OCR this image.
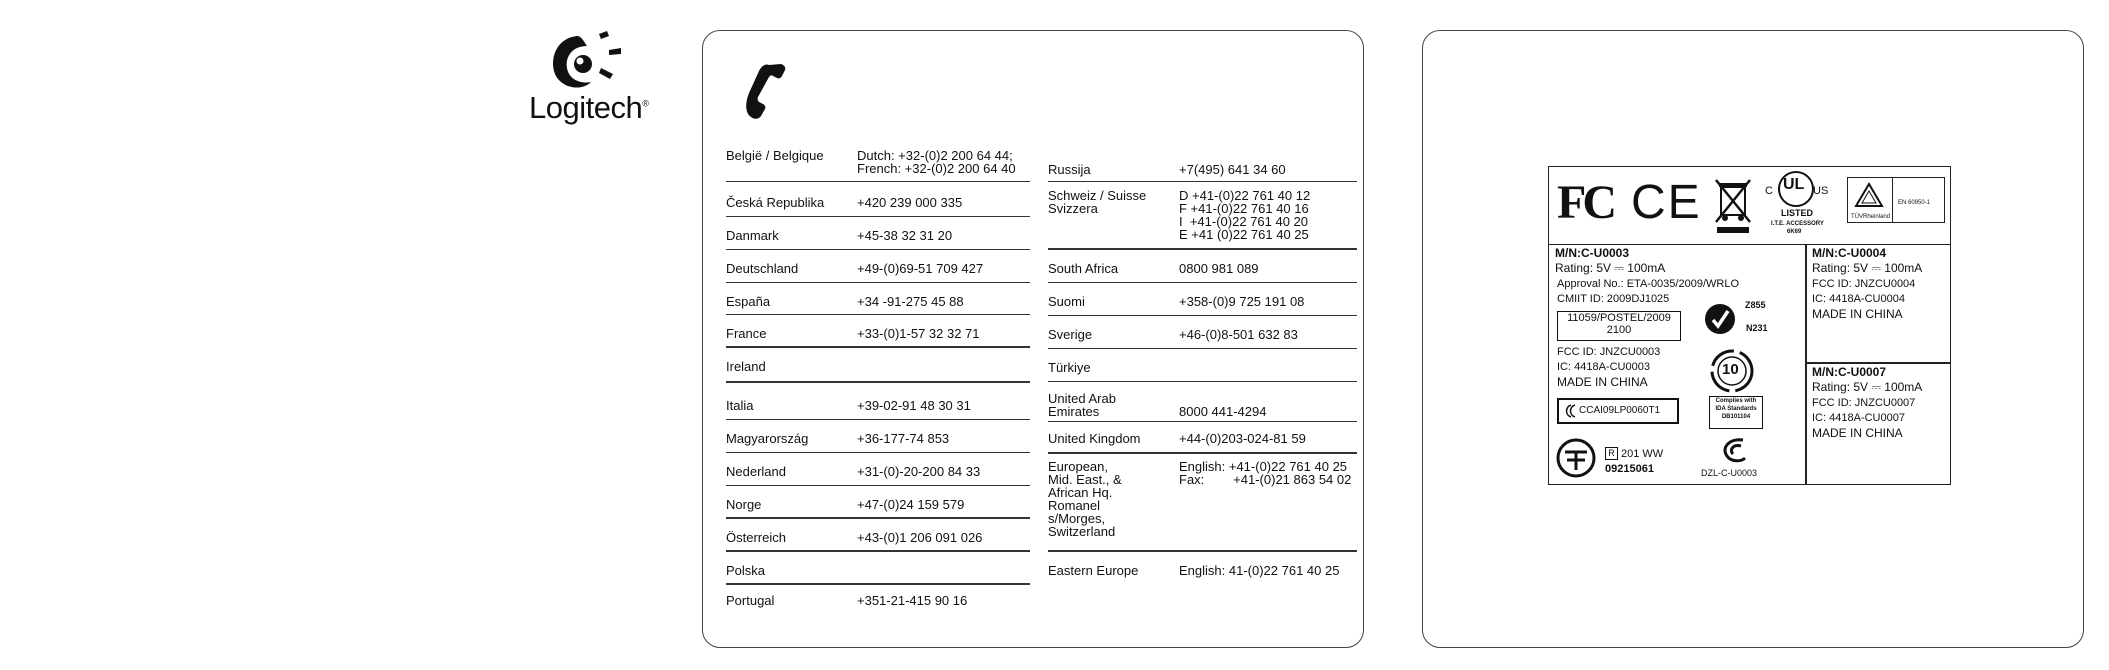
Logitech®
België / Belgique	Dutch: +32-(0)2 200 64 44;
French: +32-(0)2 200 64 40
Česká Republika	+420 239 000 335
Danmark	+45-38 32 31 20
Deutschland	+49-(0)69-51 709 427
España	+34 -91-275 45 88
France	+33-(0)1-57 32 32 71
Ireland
Italia	+39-02-91 48 30 31
Magyarország	+36-177-74 853
Nederland	+31-(0)-20-200 84 33
Norge	+47-(0)24 159 579
Österreich	+43-(0)1 206 091 026
Polska
Portugal	+351-21-415 90 16
Russija	+7(495) 641 34 60
Schweiz / Suisse
Svizzera
D +41-(0)22 761 40 12
F +41-(0)22 761 40 16
I  +41-(0)22 761 40 20
E +41 (0)22 761 40 25
South Africa	0800 981 089
Suomi	+358-(0)9 725 191 08
Sverige	+46-(0)8-501 632 83
Türkiye
United Arab
Emirates	
8000 441-4294
United Kingdom	+44-(0)203-024-81 59
European,
Mid. East., &
African Hq.
Romanel
s/Morges,
Switzerland
English: +41-(0)22 761 40 25
Fax:        +41-(0)21 863 54 02
Eastern Europe	English: 41-(0)22 761 40 25
FC CE	UL
C	US
LISTED
I.T.E. ACCESSORY
6K69
TÜVRheinland
EN 60950-1
M/N:C-U0003
Rating: 5V ⎓ 100mA
Approval No.: ETA-0035/2009/WRLO
CMIIT ID: 2009DJ1025
11059/POSTEL/2009
2100
FCC ID: JNZCU0003
IC: 4418A-CU0003
MADE IN CHINA
CCAI09LP0060T1
Z855
N231
10
Complies with
IDA Standards
DB101104
R 201 WW
09215061	DZL-C-U0003
M/N:C-U0004
Rating: 5V ⎓ 100mA
FCC ID: JNZCU0004
IC: 4418A-CU0004
MADE IN CHINA
M/N:C-U0007
Rating: 5V ⎓ 100mA
FCC ID: JNZCU0007
IC: 4418A-CU0007
MADE IN CHINA
